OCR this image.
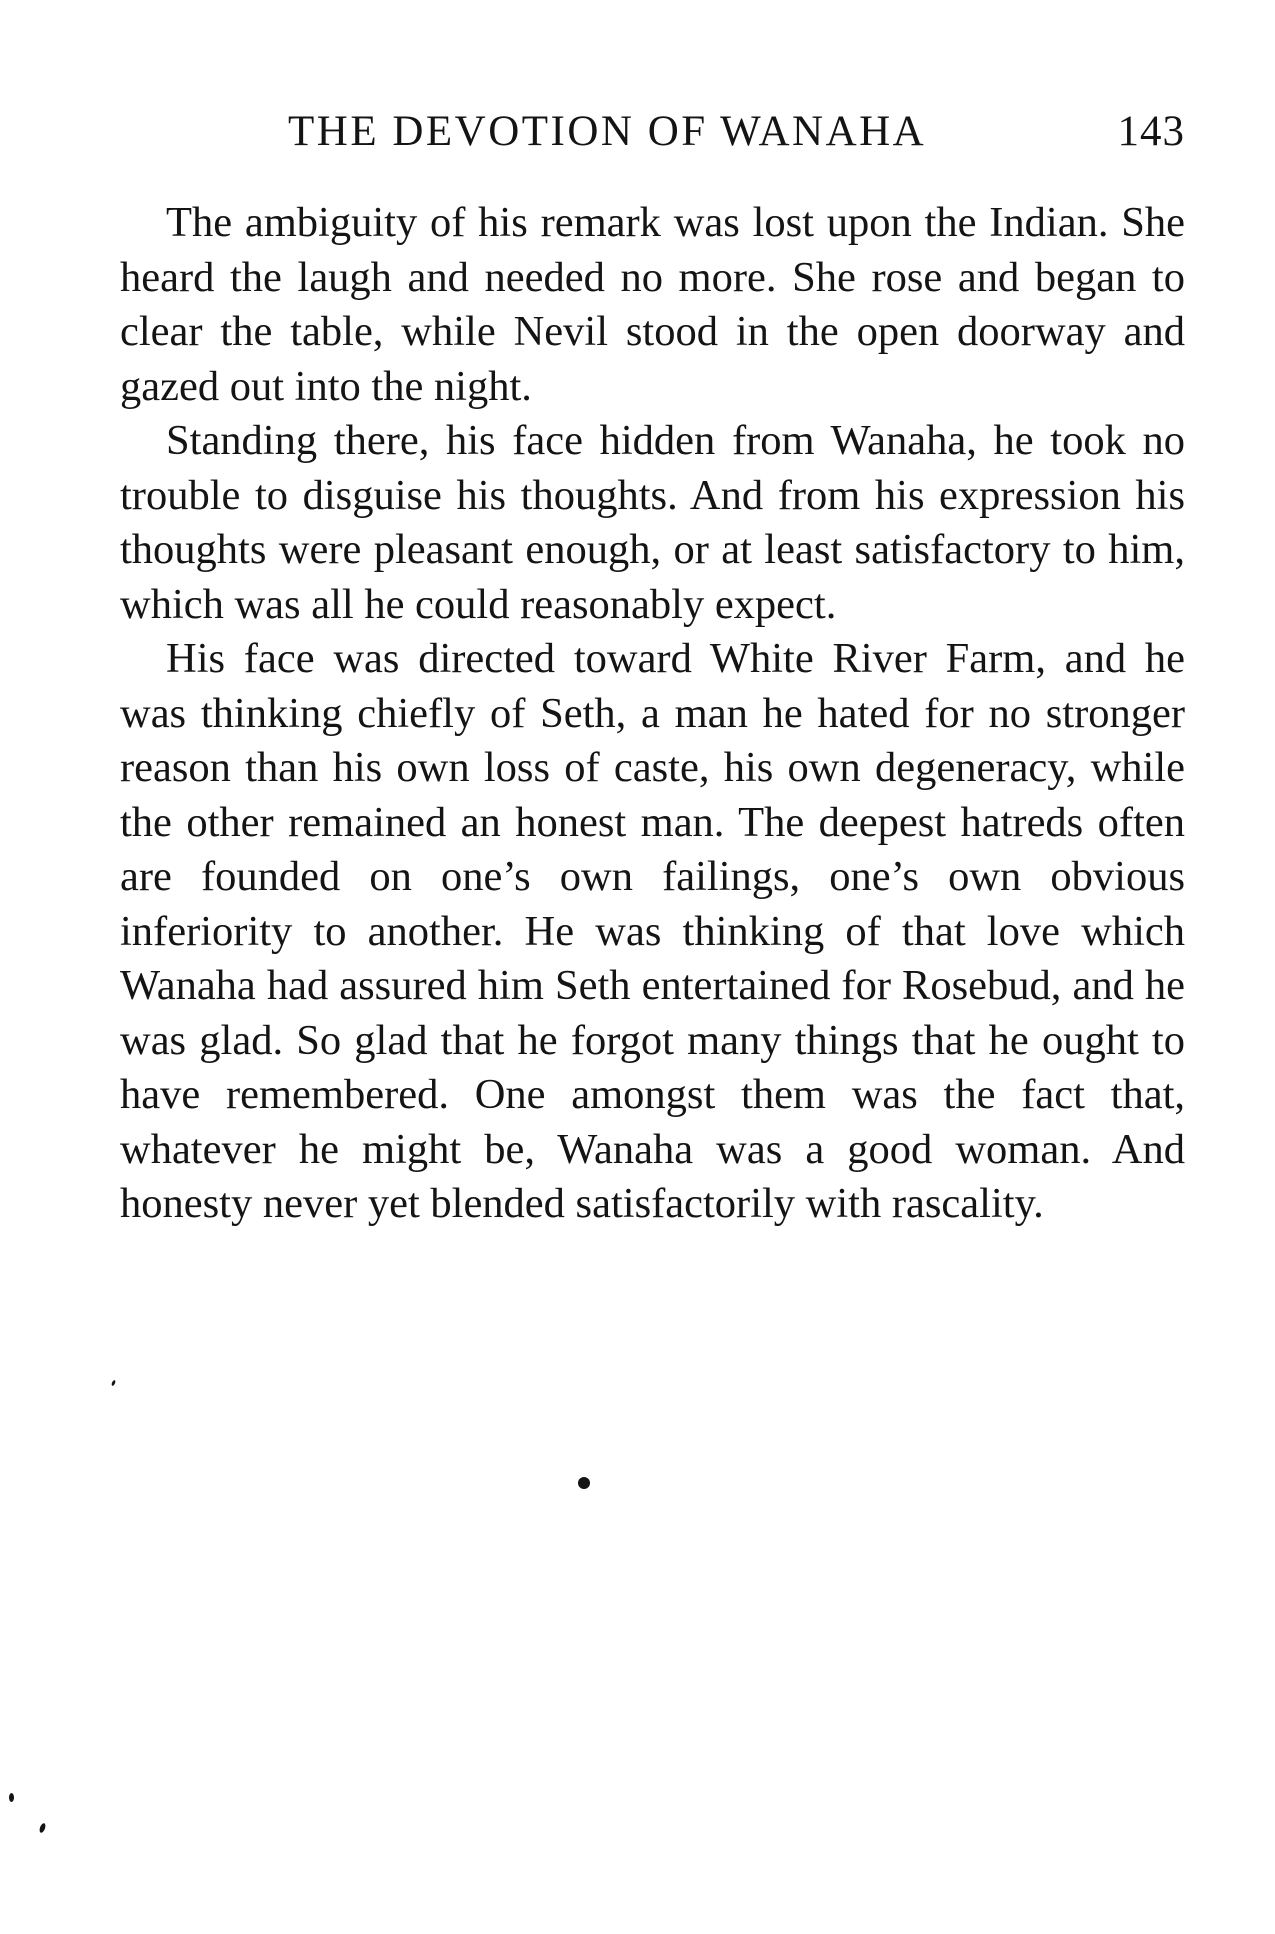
THE DEVOTION OF WANAHA	143

The ambiguity of his remark was lost upon the Indian. She heard the laugh and needed no more. She rose and began to clear the table, while Nevil stood in the open doorway and gazed out into the night.

Standing there, his face hidden from Wanaha, he took no trouble to disguise his thoughts. And from his expression his thoughts were pleasant enough, or at least satisfactory to him, which was all he could reasonably expect.

His face was directed toward White River Farm, and he was thinking chiefly of Seth, a man he hated for no stronger reason than his own loss of caste, his own degeneracy, while the other remained an honest man. The deepest hatreds often are founded on one’s own failings, one’s own obvious inferiority to another. He was thinking of that love which Wanaha had assured him Seth entertained for Rosebud, and he was glad. So glad that he forgot many things that he ought to have remembered. One amongst them was the fact that, whatever he might be, Wanaha was a good woman. And honesty never yet blended satisfactorily with rascality.
